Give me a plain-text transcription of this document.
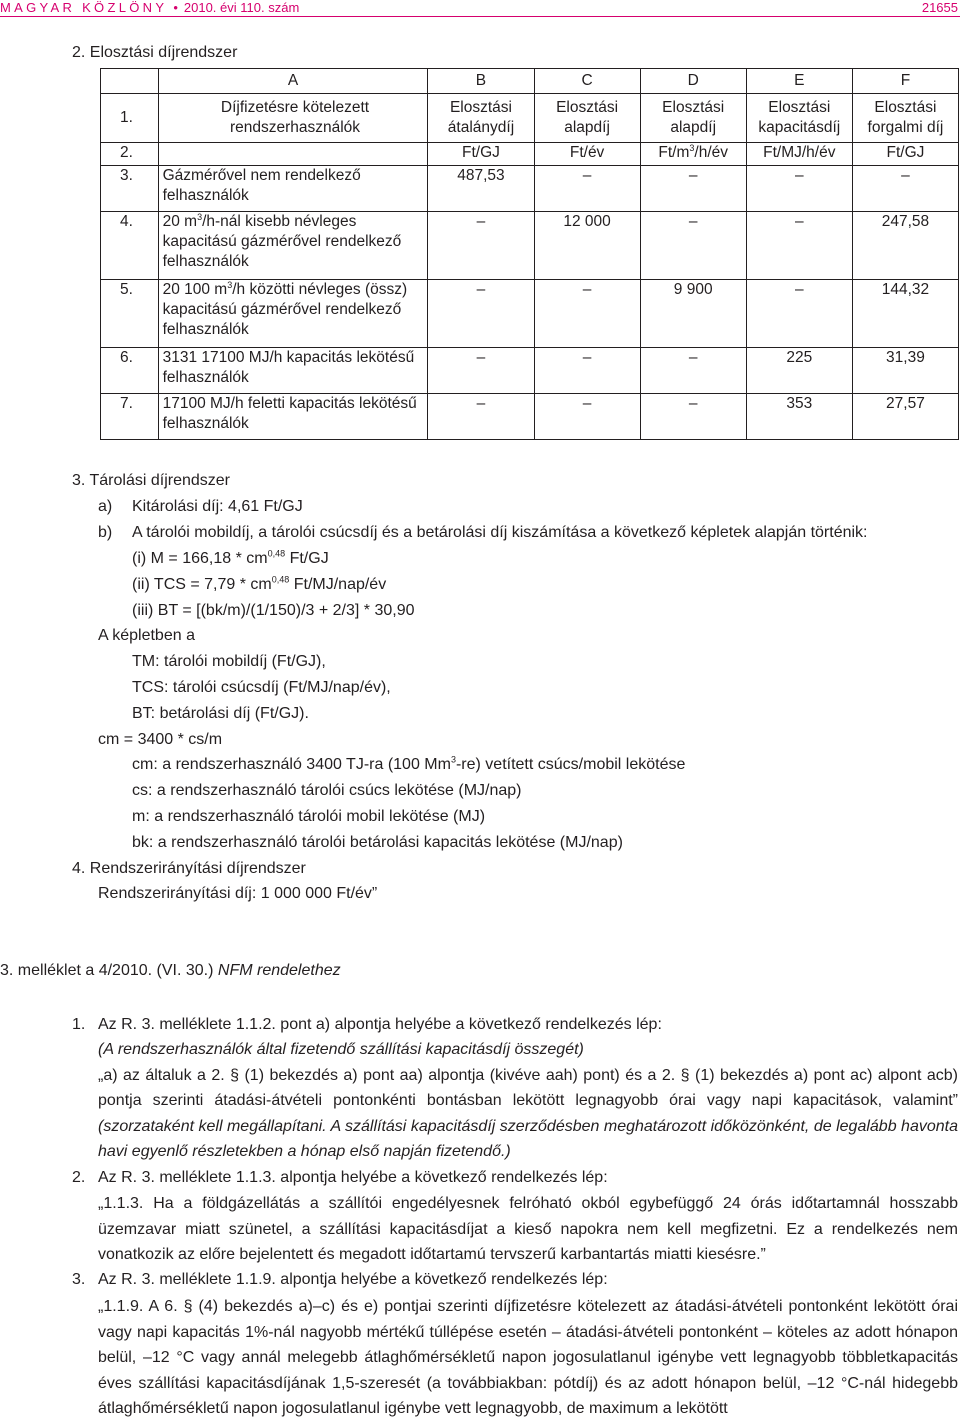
MAGYAR KÖZLÖNY • 2010. évi 110. szám	21655
2. Elosztási díjrendszer
	A	B	C	D	E	F
1.	Díjfizetésre kötelezett rendszerhasználók	Elosztási átalánydíj	Elosztási alapdíj	Elosztási alapdíj	Elosztási kapacitásdíj	Elosztási forgalmi díj
2.		Ft/GJ	Ft/év	$Ft/m^3/h/év$	Ft/MJ/h/év	Ft/GJ
3.	Gázmérővel nem rendelkező felhasználók	487,53	–	–	–	–
4.	20 $m^3/h$-nál kisebb névleges kapacitású gázmérővel rendelkező felhasználók	–	12 000	–	–	247,58
5.	20 100 $m^3/h$ közötti névleges (össz) kapacitású gázmérővel rendelkező felhasználók	–	–	9 900	–	144,32
6.	3131 17100 MJ/h kapacitás lekötésű felhasználók	–	–	–	225	31,39
7.	17100 MJ/h feletti kapacitás lekötésű felhasználók	–	–	–	353	27,57
3. Tárolási díjrendszer
a) Kitárolási díj: 4,61 Ft/GJ
b) A tárolói mobildíj, a tárolói csúcsdíj és a betárolási díj kiszámítása a következő képletek alapján történik:
(i) M = 166,18 * cm$^{0,48}$ Ft/GJ
(ii) TCS = 7,79 * cm$^{0,48}$ Ft/MJ/nap/év
(iii) BT = [(bk/m)/(1/150)/3 + 2/3] * 30,90
A képletben a
TM: tárolói mobildíj (Ft/GJ),
TCS: tárolói csúcsdíj (Ft/MJ/nap/év),
BT: betárolási díj (Ft/GJ).
cm = 3400 * cs/m
cm: a rendszerhasználó 3400 TJ-ra (100 Mm$^3$-re) vetített csúcs/mobil lekötése
cs: a rendszerhasználó tárolói csúcs lekötése (MJ/nap)
m: a rendszerhasználó tárolói mobil lekötése (MJ)
bk: a rendszerhasználó tárolói betárolási kapacitás lekötése (MJ/nap)
4. Rendszerirányítási díjrendszer
Rendszerirányítási díj: 1 000 000 Ft/év”
3. melléklet a 4/2010. (VI. 30.) NFM rendelethez
1. Az R. 3. melléklete 1.1.2. pont a) alpontja helyébe a következő rendelkezés lép:
(A rendszerhasználók által fizetendő szállítási kapacitásdíj összegét)
„a) az általuk a 2. § (1) bekezdés a) pont aa) alpontja (kivéve aah) pont) és a 2. § (1) bekezdés a) pont ac) alpont acb) pontja szerinti átadási-átvételi pontonkénti bontásban lekötött legnagyobb órai vagy napi kapacitások, valamint” (szorzataként kell megállapítani. A szállítási kapacitásdíj szerződésben meghatározott időközönként, de legalább havonta havi egyenlő részletekben a hónap első napján fizetendő.)
2. Az R. 3. melléklete 1.1.3. alpontja helyébe a következő rendelkezés lép:
„1.1.3. Ha a földgázellátás a szállítói engedélyesnek felróható okból egybefüggő 24 órás időtartamnál hosszabb üzemzavar miatt szünetel, a szállítási kapacitásdíjat a kieső napokra nem kell megfizetni. Ez a rendelkezés nem vonatkozik az előre bejelentett és megadott időtartamú tervszerű karbantartás miatti kiesésre.”
3. Az R. 3. melléklete 1.1.9. alpontja helyébe a következő rendelkezés lép:
„1.1.9. A 6. § (4) bekezdés a)–c) és e) pontjai szerinti díjfizetésre kötelezett az átadási-átvételi pontonként lekötött órai vagy napi kapacitás 1%-nál nagyobb mértékű túllépése esetén – átadási-átvételi pontonként – köteles az adott hónapon belül, –12 °C vagy annál melegebb átlaghőmérsékletű napon jogosulatlanul igénybe vett legnagyobb többletkapacitás éves szállítási kapacitásdíjának 1,5-szeresét (a továbbiakban: pótdíj) és az adott hónapon belül, –12 °C-nál hidegebb átlaghőmérsékletű napon jogosulatlanul igénybe vett legnagyobb, de maximum a lekötött
